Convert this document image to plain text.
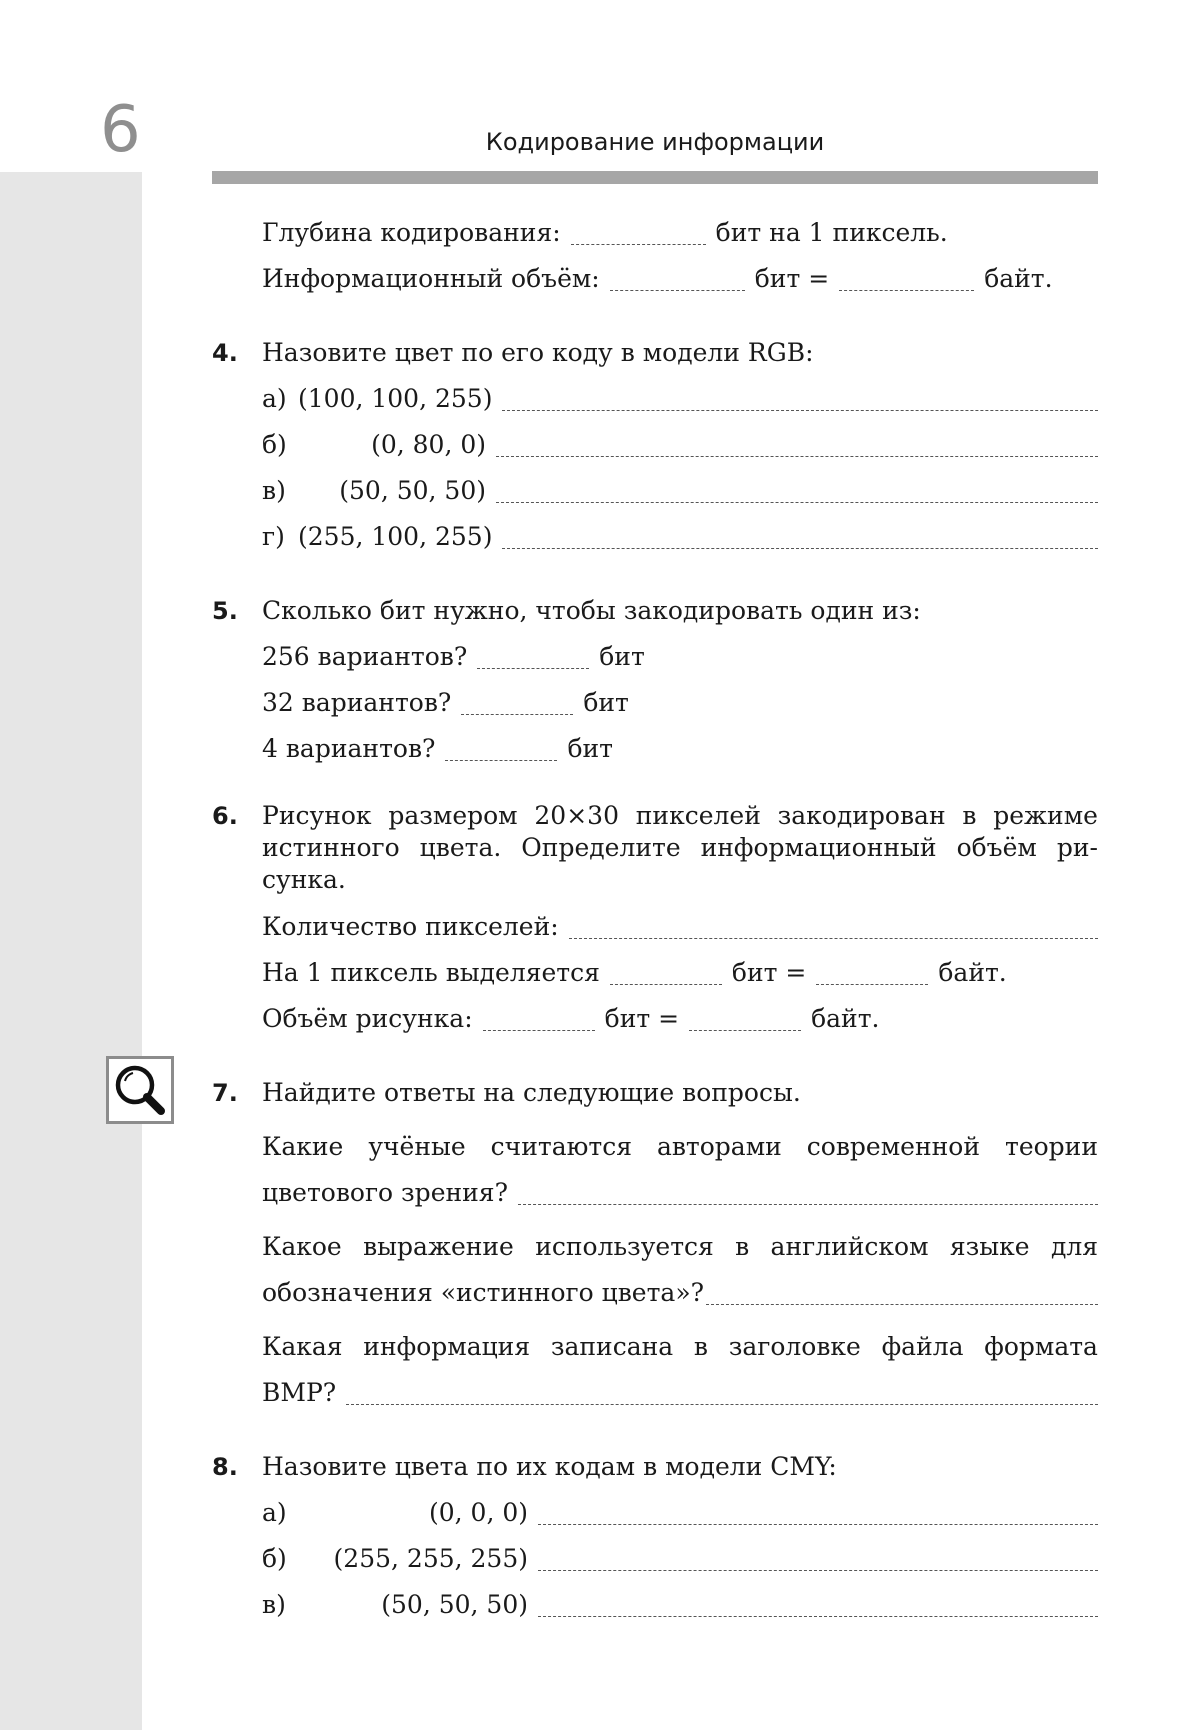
6	Кодирование информации
Глубина кодирования:	бит на 1 пиксель.
Информационный объём:	бит =	байт.
4. Назовите цвет по его коду в модели RGB:
а) (100, 100, 255)
б)	(0, 80, 0)
в)	(50, 50, 50)
г) (255, 100, 255)
5. Сколько бит нужно, чтобы закодировать один из:
256 вариантов?	бит
32 вариантов?	бит
4 вариантов?	бит
6. Рисунок размером 20×30 пикселей закодирован в режиме
истинного цвета. Определите информационный объём ри-
сунка.
Количество пикселей:
На 1 пиксель выделяется	бит =	байт.
Объём рисунка:	бит =	байт.
7. Найдите ответы на следующие вопросы.
Какие учёные считаются авторами современной теории
цветового зрения?
Какое выражение используется в английском языке для
обозначения «истинного цвета»?
Какая информация записана в заголовке файла формата
BMP?
8. Назовите цвета по их кодам в модели CMY:
а)	(0, 0, 0)
б)	(255, 255, 255)
в)	(50, 50, 50)
